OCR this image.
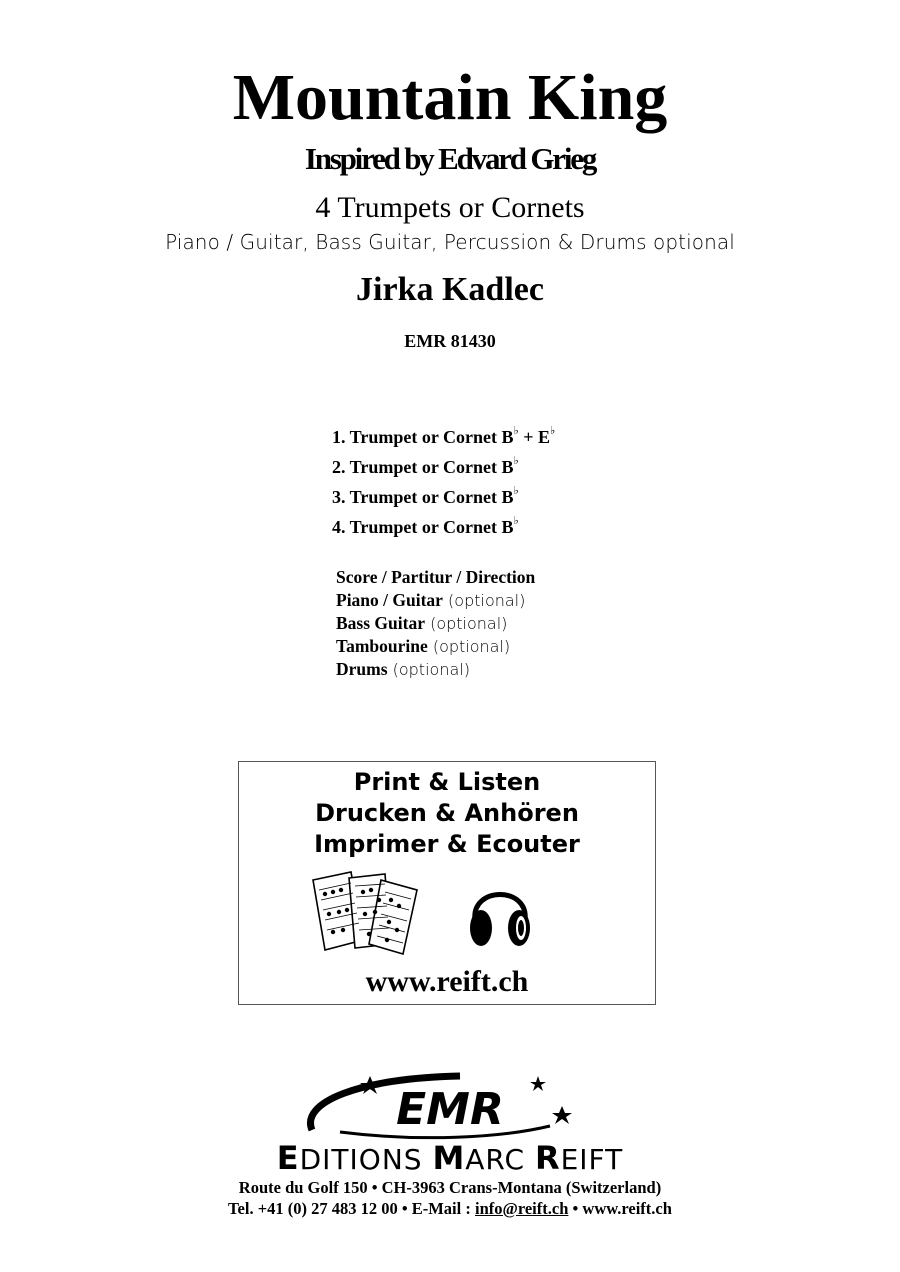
Mountain King
Inspired by Edvard Grieg
4 Trumpets or Cornets
Piano / Guitar, Bass Guitar, Percussion & Drums optional
Jirka Kadlec
EMR 81430
1. Trumpet or Cornet B♭ + E♭
2. Trumpet or Cornet B♭
3. Trumpet or Cornet B♭
4. Trumpet or Cornet B♭
Score / Partitur / Direction
Piano / Guitar (optional)
Bass Guitar (optional)
Tambourine (optional)
Drums (optional)
Print & Listen
Drucken & Anhören
Imprimer & Ecouter
www.reift.ch
EMR
EDITIONS MARC REIFT
Route du Golf 150 • CH-3963 Crans-Montana (Switzerland)
Tel. +41 (0) 27 483 12 00 • E-Mail : info@reift.ch • www.reift.ch
